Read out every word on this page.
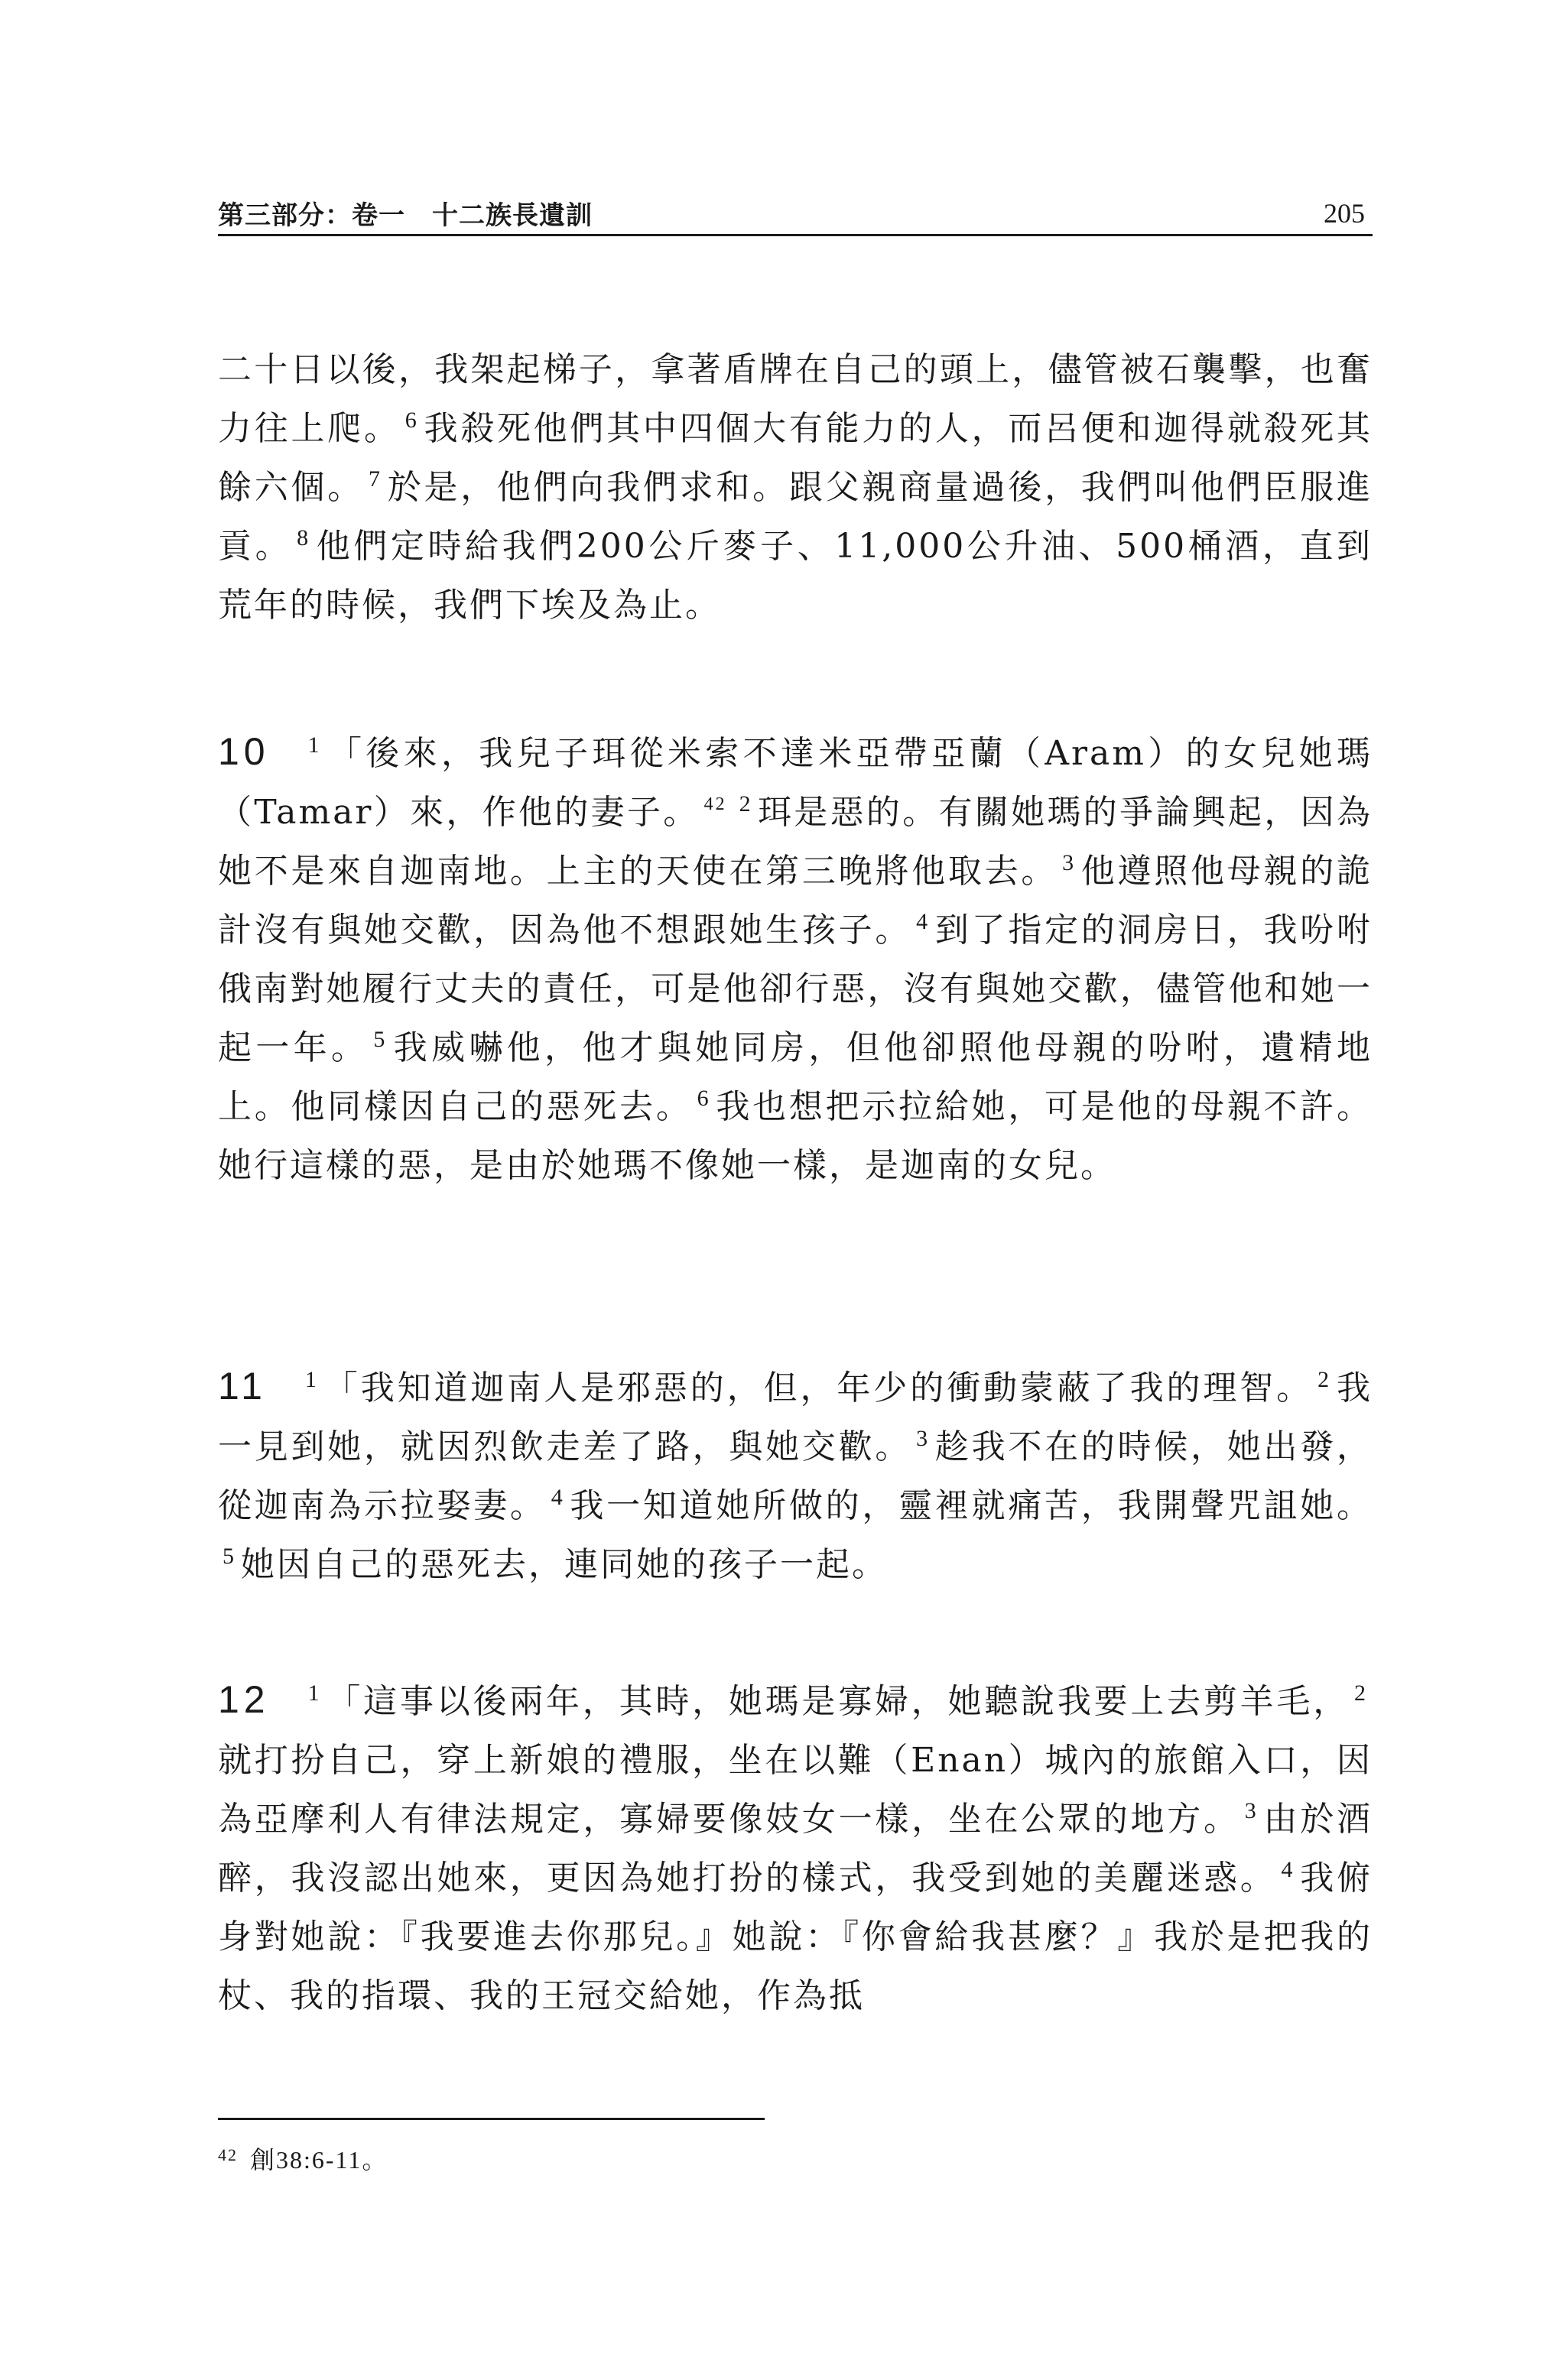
第三部分：卷一　十二族長遺訓	205
二十日以後，我架起梯子，拿著盾牌在自己的頭上，儘管被石襲擊，也奮力往上爬。 $^6$ 我殺死他們其中四個大有能力的人，而呂便和迦得就殺死其餘六個。 $^7$ 於是，他們向我們求和。跟父親商量過後，我們叫他們臣服進貢。 $^8$ 他們定時給我們200公斤麥子、11,000公升油、500桶酒，直到荒年的時候，我們下埃及為止。
10 $^1$ 「後來，我兒子珥從米索不達米亞帶亞蘭（Aram）的女兒她瑪（Tamar）來，作他的妻子。 $^{42}$ $^2$ 珥是惡的。有關她瑪的爭論興起，因為她不是來自迦南地。上主的天使在第三晚將他取去。 $^3$ 他遵照他母親的詭計沒有與她交歡，因為他不想跟她生孩子。 $^4$ 到了指定的洞房日，我吩咐俄南對她履行丈夫的責任，可是他卻行惡，沒有與她交歡，儘管他和她一起一年。 $^5$ 我威嚇他，他才與她同房，但他卻照他母親的吩咐，遺精地上。他同樣因自己的惡死去。 $^6$ 我也想把示拉給她，可是他的母親不許。她行這樣的惡，是由於她瑪不像她一樣，是迦南的女兒。
11 $^1$ 「我知道迦南人是邪惡的，但，年少的衝動蒙蔽了我的理智。 $^2$ 我一見到她，就因烈飲走差了路，與她交歡。 $^3$ 趁我不在的時候，她出發，從迦南為示拉娶妻。 $^4$ 我一知道她所做的，靈裡就痛苦，我開聲咒詛她。$^5$ 她因自己的惡死去，連同她的孩子一起。
12 $^1$ 「這事以後兩年，其時，她瑪是寡婦，她聽說我要上去剪羊毛， $^2$就打扮自己，穿上新娘的禮服，坐在以難（Enan）城內的旅館入口，因為亞摩利人有律法規定，寡婦要像妓女一樣，坐在公眾的地方。 $^3$ 由於酒醉，我沒認出她來，更因為她打扮的樣式，我受到她的美麗迷惑。 $^4$ 我俯身對她說：『我要進去你那兒。』她說：『你會給我甚麼？』我於是把我的杖、我的指環、我的王冠交給她，作為抵
$^{42}$ 創38:6-11。
